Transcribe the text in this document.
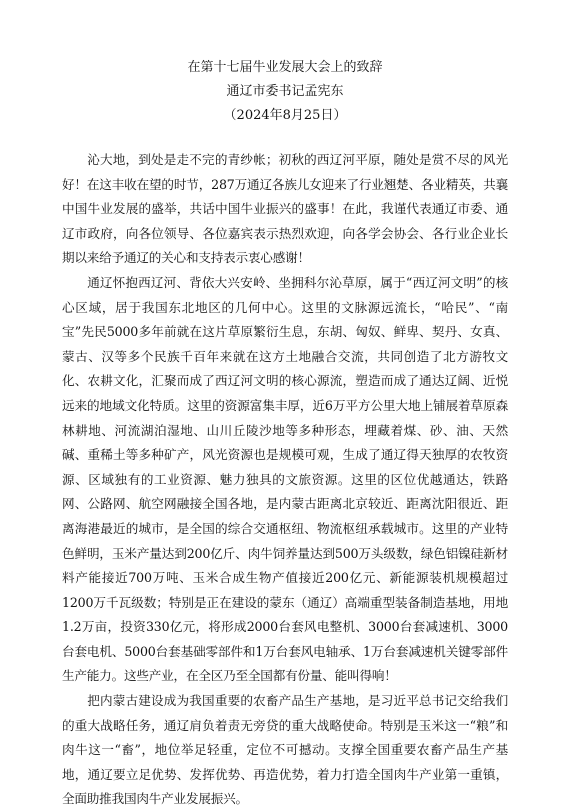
在第十七届牛业发展大会上的致辞
通辽市委书记孟宪东
（2024年8月25日）

沁大地，到处是走不完的青纱帐；初秋的西辽河平原，随处是赏不尽的风光好！在这丰收在望的时节，287万通辽各族儿女迎来了行业翘楚、各业精英，共襄中国牛业发展的盛举，共话中国牛业振兴的盛事！在此，我谨代表通辽市委、通辽市政府，向各位领导、各位嘉宾表示热烈欢迎，向各学会协会、各行业企业长期以来给予通辽的关心和支持表示衷心感谢！

通辽怀抱西辽河、背依大兴安岭、坐拥科尔沁草原，属于“西辽河文明”的核心区域，居于我国东北地区的几何中心。这里的文脉源远流长，“哈民”、“南宝”先民5000多年前就在这片草原繁衍生息，东胡、匈奴、鲜卑、契丹、女真、蒙古、汉等多个民族千百年来就在这方土地融合交流，共同创造了北方游牧文化、农耕文化，汇聚而成了西辽河文明的核心源流，塑造而成了通达辽阔、近悦远来的地域文化特质。这里的资源富集丰厚，近6万平方公里大地上铺展着草原森林耕地、河流湖泊湿地、山川丘陵沙地等多种形态，埋藏着煤、砂、油、天然碱、重稀土等多种矿产，风光资源也是规模可观，生成了通辽得天独厚的农牧资源、区域独有的工业资源、魅力独具的文旅资源。这里的区位优越通达，铁路网、公路网、航空网融接全国各地，是内蒙古距离北京较近、距离沈阳很近、距离海港最近的城市，是全国的综合交通枢纽、物流枢纽承载城市。这里的产业特色鲜明，玉米产量达到200亿斤、肉牛饲养量达到500万头级数，绿色铝镍硅新材料产能接近700万吨、玉米合成生物产值接近200亿元、新能源装机规模超过1200万千瓦级数；特别是正在建设的蒙东（通辽）高端重型装备制造基地，用地1.2万亩，投资330亿元，将形成2000台套风电整机、3000台套减速机、3000台套电机、5000台套基础零部件和1万台套风电轴承、1万台套减速机关键零部件生产能力。这些产业，在全区乃至全国都有份量、能叫得响！

把内蒙古建设成为我国重要的农畜产品生产基地，是习近平总书记交给我们的重大战略任务，通辽肩负着责无旁贷的重大战略使命。特别是玉米这一“粮”和肉牛这一“畜”，地位举足轻重，定位不可撼动。支撑全国重要农畜产品生产基地，通辽要立足优势、发挥优势、再造优势，着力打造全国肉牛产业第一重镇，全面助推我国肉牛产业发展振兴。
